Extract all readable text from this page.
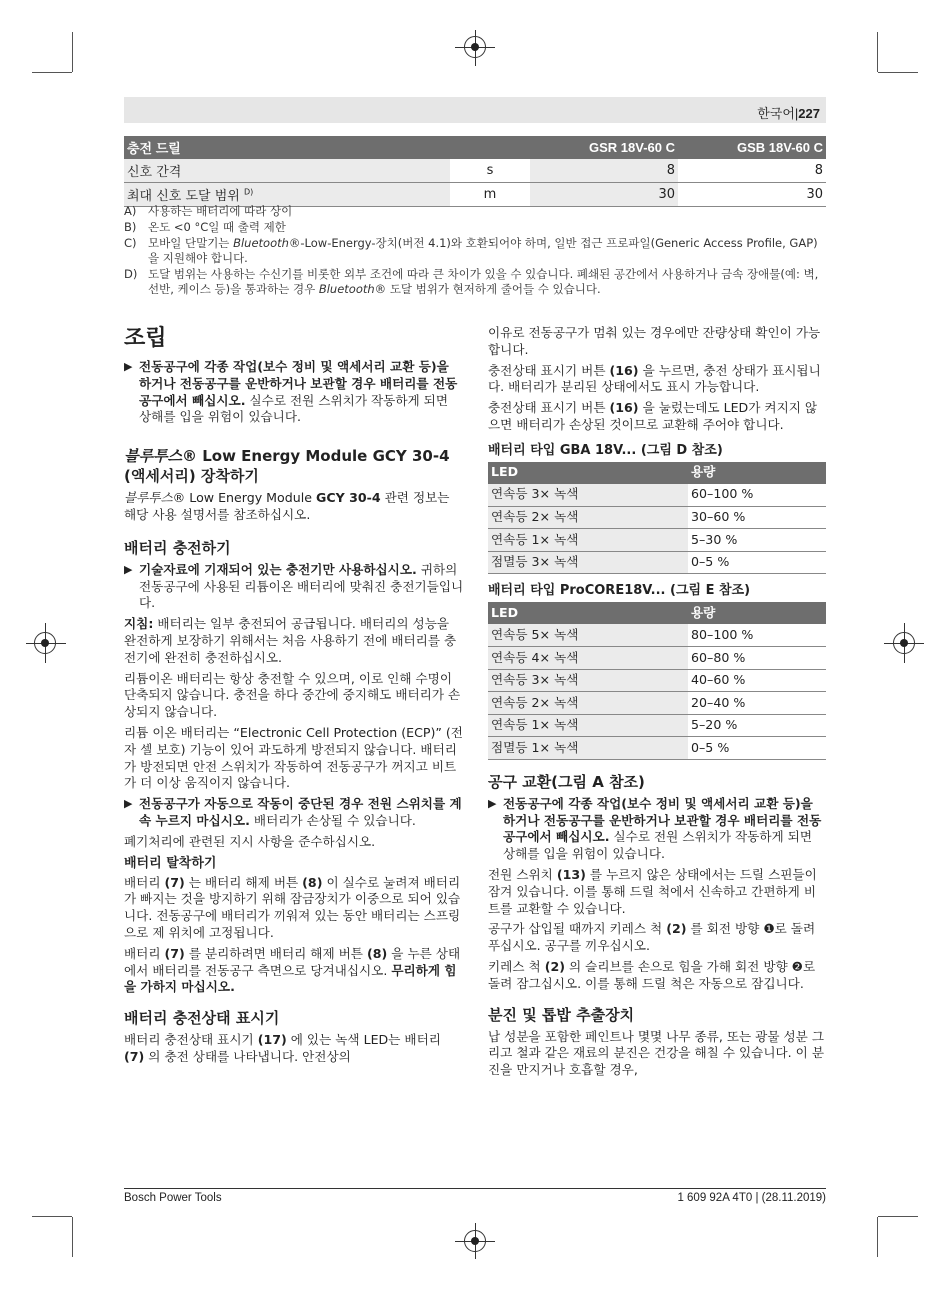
한국어|227
충전 드릴		GSR 18V-60 C	GSB 18V-60 C
신호 간격	s	8	8
최대 신호 도달 범위 $^{D)}$	m	30	30
A)	사용하는 배터리에 따라 상이
B)	온도 <0 °C일 때 출력 제한
C) 모바일 단말기는 Bluetooth®-Low-Energy-장치(버전 4.1)와 호환되어야 하며, 일반 접근 프로파일(Generic Access Profile, GAP)을 지원해야 합니다.
D) 도달 범위는 사용하는 수신기를 비롯한 외부 조건에 따라 큰 차이가 있을 수 있습니다. 폐쇄된 공간에서 사용하거나 금속 장애물(예: 벽, 선반, 케이스 등)을 통과하는 경우 Bluetooth® 도달 범위가 현저하게 줄어들 수 있습니다.
조립
▶ 전동공구에 각종 작업(보수 정비 및 액세서리 교환 등)을 하거나 전동공구를 운반하거나 보관할 경우 배터리를 전동공구에서 빼십시오. 실수로 전원 스위치가 작동하게 되면 상해를 입을 위험이 있습니다.
블루투스® Low Energy Module GCY 30-4 (액세서리) 장착하기

블루투스® Low Energy Module GCY 30-4 관련 정보는 해당 사용 설명서를 참조하십시오.

배터리 충전하기
▶ 기술자료에 기재되어 있는 충전기만 사용하십시오. 귀하의 전동공구에 사용된 리튬이온 배터리에 맞춰진 충전기들입니다.

지침: 배터리는 일부 충전되어 공급됩니다. 배터리의 성능을 완전하게 보장하기 위해서는 처음 사용하기 전에 배터리를 충전기에 완전히 충전하십시오.

리튬이온 배터리는 항상 충전할 수 있으며, 이로 인해 수명이 단축되지 않습니다. 충전을 하다 중간에 중지해도 배터리가 손상되지 않습니다.

리튬 이온 배터리는 “Electronic Cell Protection (ECP)” (전자 셀 보호) 기능이 있어 과도하게 방전되지 않습니다. 배터리가 방전되면 안전 스위치가 작동하여 전동공구가 꺼지고 비트가 더 이상 움직이지 않습니다.

▶ 전동공구가 자동으로 작동이 중단된 경우 전원 스위치를 계속 누르지 마십시오. 배터리가 손상될 수 있습니다.

폐기처리에 관련된 지시 사항을 준수하십시오.

배터리 탈착하기

배터리 (7) 는 배터리 해제 버튼 (8) 이 실수로 눌려져 배터리가 빠지는 것을 방지하기 위해 잠금장치가 이중으로 되어 있습니다. 전동공구에 배터리가 끼워져 있는 동안 배터리는 스프링으로 제 위치에 고정됩니다.

배터리 (7) 를 분리하려면 배터리 해제 버튼 (8) 을 누른 상태에서 배터리를 전동공구 측면으로 당겨내십시오. 무리하게 힘을 가하지 마십시오.

배터리 충전상태 표시기

배터리 충전상태 표시기 (17) 에 있는 녹색 LED는 배터리 (7) 의 충전 상태를 나타냅니다. 안전상의

이유로 전동공구가 멈춰 있는 경우에만 잔량상태 확인이 가능합니다.

충전상태 표시기 버튼 (16) 을 누르면, 충전 상태가 표시됩니다. 배터리가 분리된 상태에서도 표시 가능합니다.

충전상태 표시기 버튼 (16) 을 눌렀는데도 LED가 켜지지 않으면 배터리가 손상된 것이므로 교환해 주어야 합니다.

배터리 타입 GBA 18V... (그림 D 참조)
LED	용량
연속등 3× 녹색	60–100 %
연속등 2× 녹색	30–60 %
연속등 1× 녹색	5–30 %
점멸등 3× 녹색	0–5 %
배터리 타입 ProCORE18V... (그림 E 참조)
LED	용량
연속등 5× 녹색	80–100 %
연속등 4× 녹색	60–80 %
연속등 3× 녹색	40–60 %
연속등 2× 녹색	20–40 %
연속등 1× 녹색	5–20 %
점멸등 1× 녹색	0–5 %
공구 교환(그림 A 참조)
▶ 전동공구에 각종 작업(보수 정비 및 액세서리 교환 등)을 하거나 전동공구를 운반하거나 보관할 경우 배터리를 전동공구에서 빼십시오. 실수로 전원 스위치가 작동하게 되면 상해를 입을 위험이 있습니다.

전원 스위치 (13) 를 누르지 않은 상태에서는 드릴 스핀들이 잠겨 있습니다. 이를 통해 드릴 척에서 신속하고 간편하게 비트를 교환할 수 있습니다.

공구가 삽입될 때까지 키레스 척 (2) 를 회전 방향 ❶로 돌려 푸십시오. 공구를 끼우십시오.

키레스 척 (2) 의 슬리브를 손으로 힘을 가해 회전 방향 ❷로 돌려 잠그십시오. 이를 통해 드릴 척은 자동으로 잠깁니다.

분진 및 톱밥 추출장치

납 성분을 포함한 페인트나 몇몇 나무 종류, 또는 광물 성분 그리고 철과 같은 재료의 분진은 건강을 해칠 수 있습니다. 이 분진을 만지거나 호흡할 경우,

Bosch Power Tools	1 609 92A 4T0 | (28.11.2019)
